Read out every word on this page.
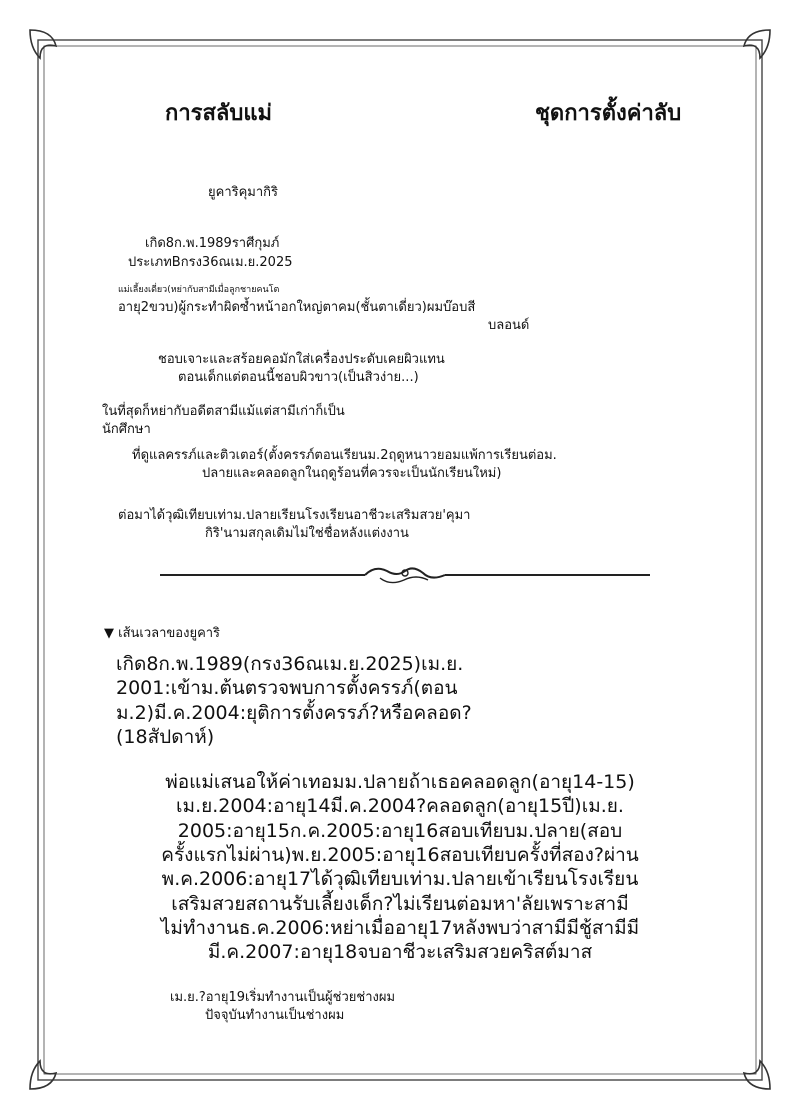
การสลับแม่	ชุดการตั้งค่าลับ

ยูคาริคุมากิริ

เกิด8ก.พ.1989ราศีกุมภ์

ประเภทBกรง36ณเม.ย.2025

แม่เลี้ยงเดี่ยว(หย่ากับสามีเมื่อลูกชายคนโต

อายุ2ขวบ)ผู้กระทำผิดซ้ำหน้าอกใหญ่ตาคม(ชั้นตาเดี่ยว)ผมบ๊อบสี

บลอนด์

ชอบเจาะและสร้อยคอมักใส่เครื่องประดับเคยผิวแทน

ตอนเด็กแต่ตอนนี้ชอบผิวขาว(เป็นสิวง่าย...)

ในที่สุดก็หย่ากับอดีตสามีแม้แต่สามีเก่าก็เป็น

นักศึกษา

ที่ดูแลครรภ์และติวเตอร์(ตั้งครรภ์ตอนเรียนม.2ฤดูหนาวยอมแพ้การเรียนต่อม.

ปลายและคลอดลูกในฤดูร้อนที่ควรจะเป็นนักเรียนใหม่)

ต่อมาได้วุฒิเทียบเท่าม.ปลายเรียนโรงเรียนอาชีวะเสริมสวย'คุมา

กิริ'นามสกุลเดิมไม่ใช่ชื่อหลังแต่งงาน

▼ เส้นเวลาของยูคาริ

เกิด8ก.พ.1989(กรง36ณเม.ย.2025)เม.ย.
2001:เข้าม.ต้นตรวจพบการตั้งครรภ์(ตอน
ม.2)มี.ค.2004:ยุติการตั้งครรภ์?หรือคลอด?
(18สัปดาห์)
พ่อแม่เสนอให้ค่าเทอมม.ปลายถ้าเธอคลอดลูก(อายุ14-15)
เม.ย.2004:อายุ14มี.ค.2004?คลอดลูก(อายุ15ปี)เม.ย.
2005:อายุ15ก.ค.2005:อายุ16สอบเทียบม.ปลาย(สอบ
ครั้งแรกไม่ผ่าน)พ.ย.2005:อายุ16สอบเทียบครั้งที่สอง?ผ่าน
พ.ค.2006:อายุ17ได้วุฒิเทียบเท่าม.ปลายเข้าเรียนโรงเรียน
เสริมสวยสถานรับเลี้ยงเด็ก?ไม่เรียนต่อมหา'ลัยเพราะสามี
ไม่ทำงานธ.ค.2006:หย่าเมื่ออายุ17หลังพบว่าสามีมีชู้สามีมี
มี.ค.2007:อายุ18จบอาชีวะเสริมสวยคริสต์มาส

เม.ย.?อายุ19เริ่มทำงานเป็นผู้ช่วยช่างผม

ปัจจุบันทำงานเป็นช่างผม
